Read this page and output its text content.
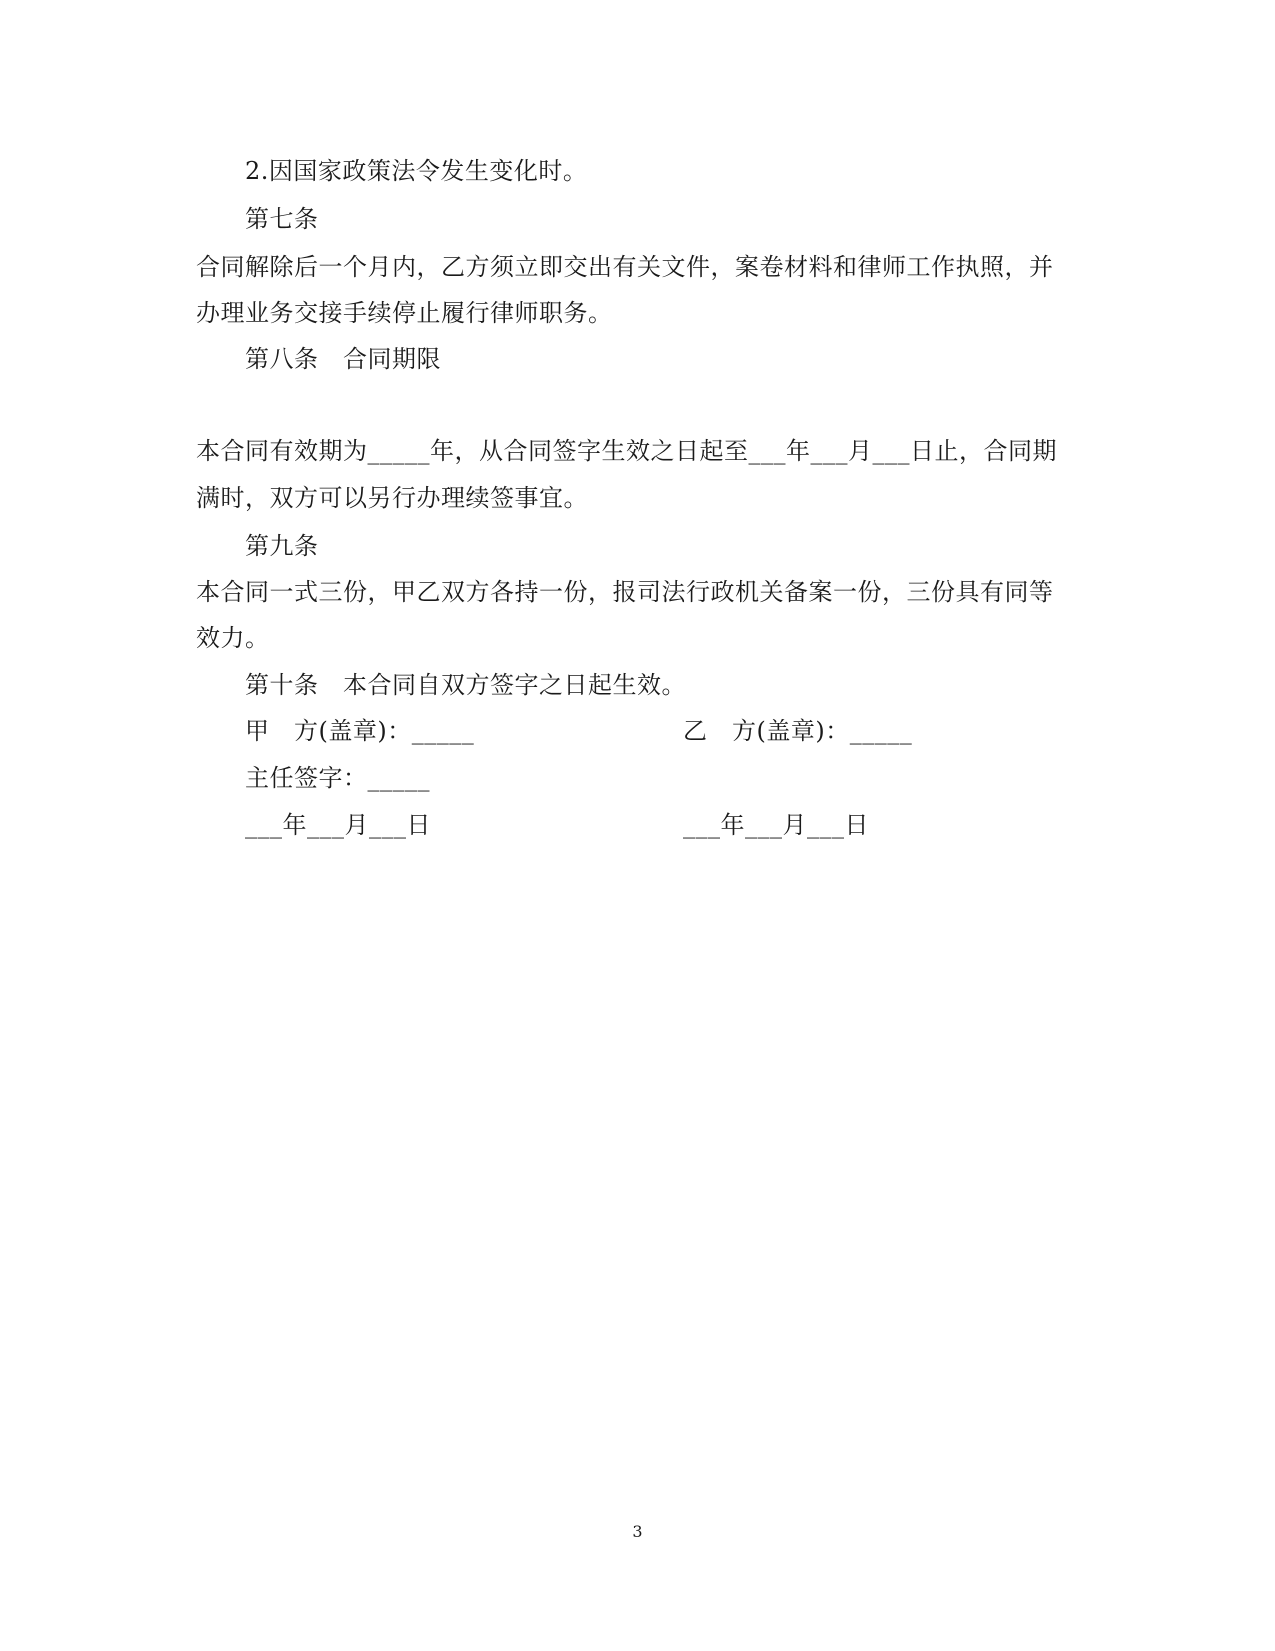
2.因国家政策法令发生变化时。
第七条
合同解除后一个月内，乙方须立即交出有关文件，案卷材料和律师工作执照，并
办理业务交接手续停止履行律师职务。
第八条　合同期限
本合同有效期为_____年，从合同签字生效之日起至___年___月___日止，合同期
满时，双方可以另行办理续签事宜。
第九条
本合同一式三份，甲乙双方各持一份，报司法行政机关备案一份，三份具有同等
效力。
第十条　本合同自双方签字之日起生效。
甲　方(盖章)：_____	乙　方(盖章)：_____
主任签字：_____
___年___月___日	___年___月___日
3
